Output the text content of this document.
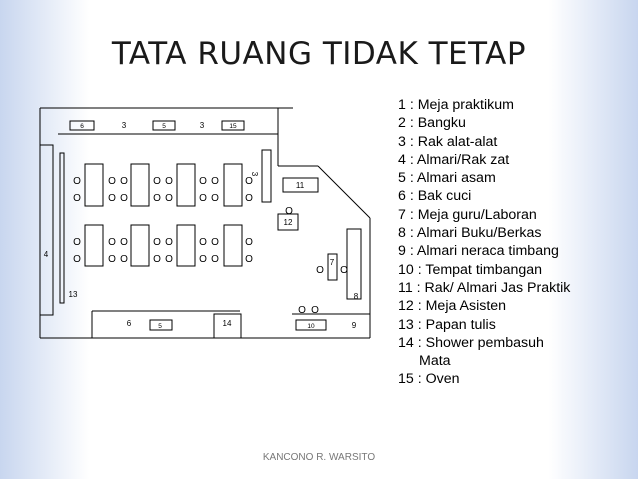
TATA RUANG TIDAK TETAP
6	5	15
5	10
3	3
11
12
3
4
13
7
8
6	14	9
O
O
O
O
O O
O O
O O
O O
O O
O O
O O
O O
O O
O O
O O
O O
O
O
O
O
O
O O
O O
1 : Meja praktikum
2 : Bangku
3 : Rak alat-alat
4 : Almari/Rak zat
5 : Almari asam
6 : Bak cuci
7 : Meja guru/Laboran
8 : Almari Buku/Berkas
9 : Almari neraca timbang
10 : Tempat timbangan
11 : Rak/ Almari Jas Praktik
12 : Meja Asisten
13 : Papan tulis
14 : Shower pembasuh
Mata
15 : Oven
KANCONO R. WARSITO
